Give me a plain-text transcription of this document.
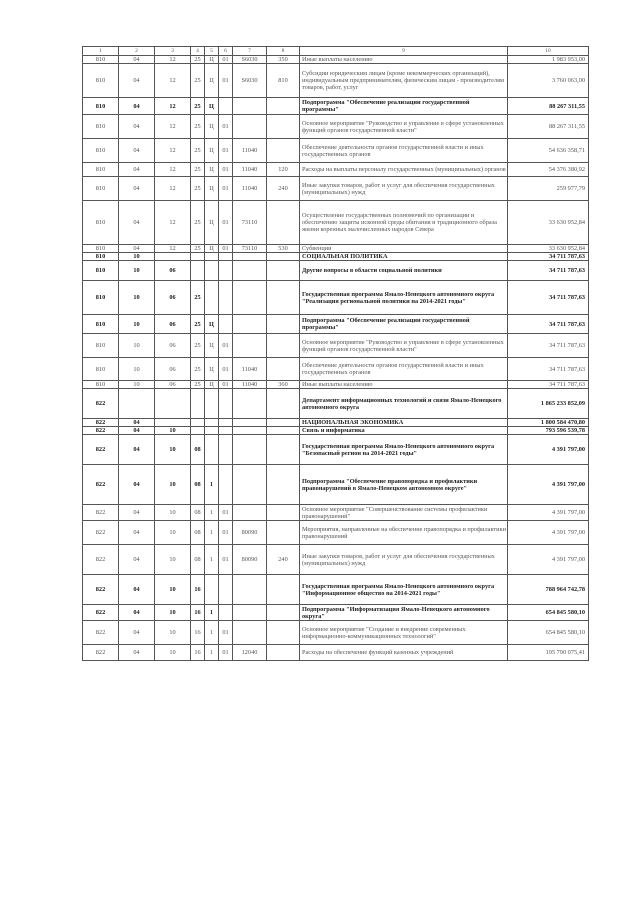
1	2	3	4	5	6	7	8	9	10
810	04	12	25	Ц	01	S6030	350	Иные выплаты населению	1 983 953,00
810	04	12	25	Ц	01	S6030	810	Субсидии юридическим лицам (кроме некоммерческих организаций), индивидуальным предпринимателям, физическим лицам - производителям товаров, работ, услуг	3 760 063,00
810	04	12	25	Ц				Подпрограмма "Обеспечение реализации государственной программы"	88 267 311,55
810	04	12	25	Ц	01			Основное мероприятие "Руководство и управление в сфере установленных функций органов государственной власти"	88 267 311,55
810	04	12	25	Ц	01	11040		Обеспечение деятельности органов государственной власти и иных государственных органов	54 636 358,71
810	04	12	25	Ц	01	11040	120	Расходы на выплаты персоналу государственных (муниципальных) органов	54 376 380,92
810	04	12	25	Ц	01	11040	240	Иные закупки товаров, работ и услуг для обеспечения государственных (муниципальных) нужд	259 977,79
810	04	12	25	Ц	01	73110		Осуществление государственных полномочий по организации и обеспечению защиты исконной среды обитания и традиционного образа жизни коренных малочисленных народов Севера	33 630 952,84
810	04	12	25	Ц	01	73110	530	Субвенции	33 630 952,84
810	10							СОЦИАЛЬНАЯ ПОЛИТИКА	34 711 787,63
810	10	06						Другие вопросы в области социальной политики	34 711 787,63
810	10	06	25					Государственная программа Ямало-Ненецкого автономного округа "Реализация региональной политики на 2014-2021 годы"	34 711 787,63
810	10	06	25	Ц				Подпрограмма "Обеспечение реализации государственной программы"	34 711 787,63
810	10	06	25	Ц	01			Основное мероприятие "Руководство и управление в сфере установленных функций органов государственной власти"	34 711 787,63
810	10	06	25	Ц	01	11040		Обеспечение деятельности органов государственной власти и иных государственных органов	34 711 787,63
810	10	06	25	Ц	01	11040	360	Иные выплаты населению	34 711 787,63
822								Департамент информационных технологий и связи Ямало-Ненецкого автономного округа	1 865 233 852,09
822	04							НАЦИОНАЛЬНАЯ ЭКОНОМИКА	1 800 584 470,80
822	04	10						Связь и информатика	793 596 539,78
822	04	10	08					Государственная программа Ямало-Ненецкого автономного округа "Безопасный регион на 2014-2021 годы"	4 391 797,00
822	04	10	08	1				Подпрограмма "Обеспечение правопорядка и профилактики правонарушений в Ямало-Ненецком автономном округе"	4 391 797,00
822	04	10	08	1	01			Основное мероприятие "Совершенствование системы профилактики правонарушений"	4 391 797,00
822	04	10	08	1	01	80090		Мероприятия, направленные на обеспечение правопорядка и профилактики правонарушений	4 391 797,00
822	04	10	08	1	01	80090	240	Иные закупки товаров, работ и услуг для обеспечения государственных (муниципальных) нужд	4 391 797,00
822	04	10	16					Государственная программа Ямало-Ненецкого автономного округа "Информационное общество на 2014-2021 годы"	788 964 742,78
822	04	10	16	1				Подпрограмма "Информатизация Ямало-Ненецкого автономного округа"	654 845 580,10
822	04	10	16	1	01			Основное мероприятие "Создание и внедрение современных информационно-коммуникационных технологий"	654 845 580,10
822	04	10	16	1	01	12040		Расходы на обеспечение функций казенных учреждений	195 790 075,41
